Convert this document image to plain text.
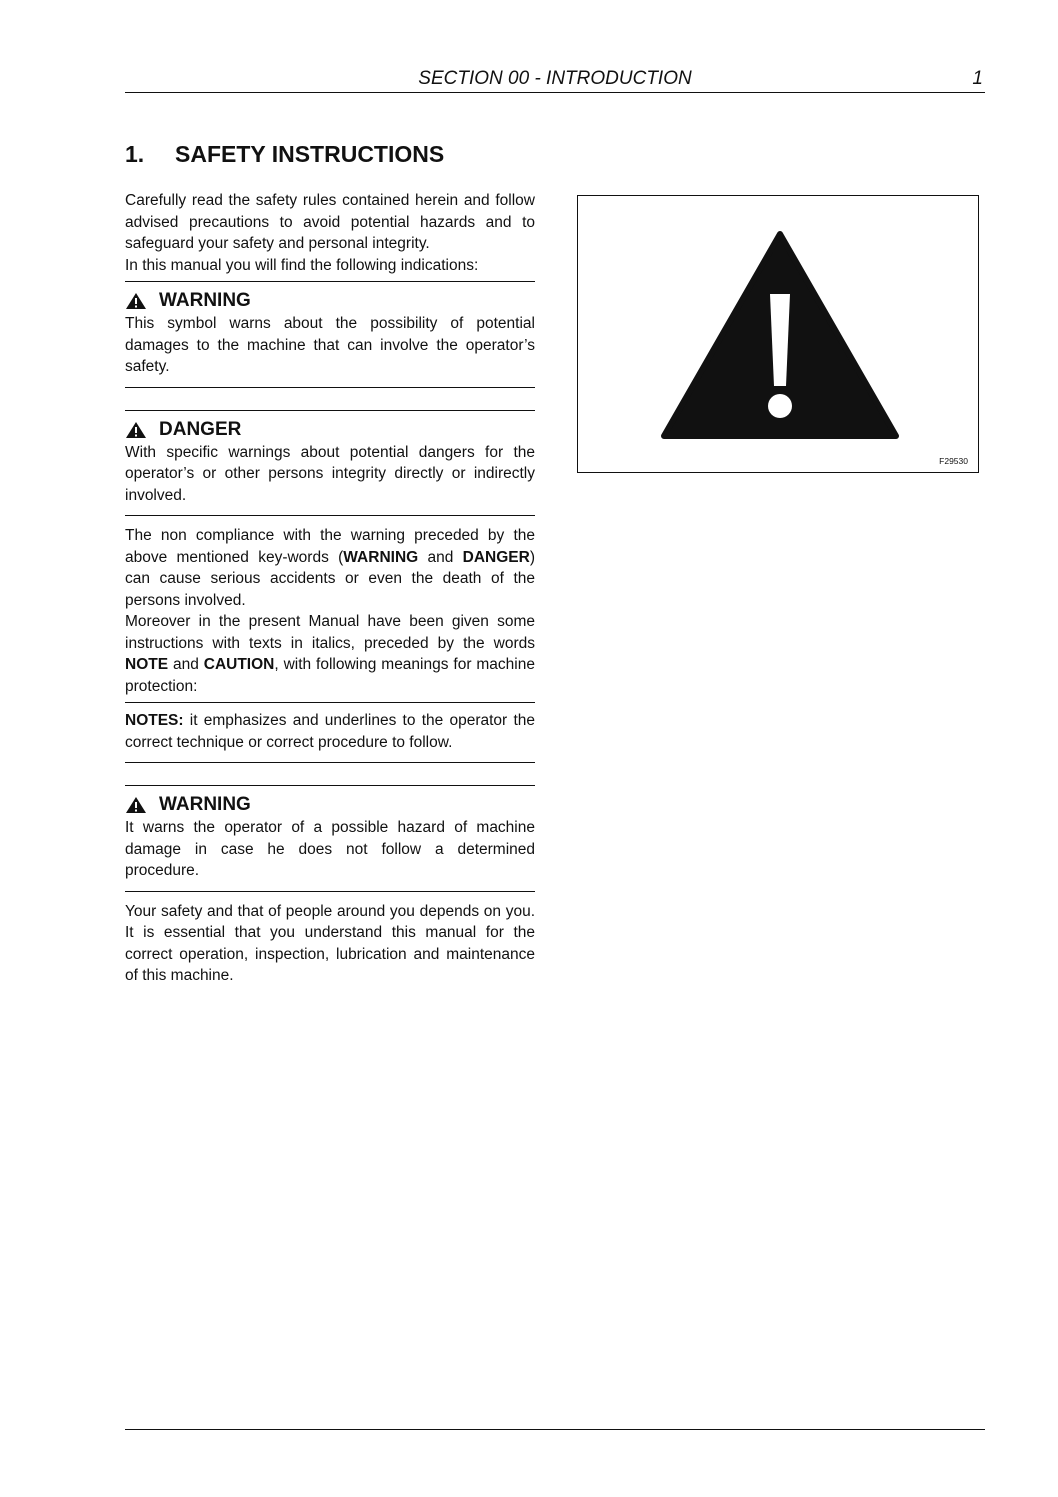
SECTION 00 - INTRODUCTION	1
1. SAFETY INSTRUCTIONS

Carefully read the safety rules contained herein and follow advised precautions to avoid potential hazards and to safeguard your safety and personal integrity.

In this manual you will find the following indications:

WARNING

This symbol warns about the possibility of potential damages to the machine that can involve the operator’s safety.

DANGER

With specific warnings about potential dangers for the operator’s or other persons integrity directly or indirectly involved.

The non compliance with the warning preceded by the above mentioned key-words (WARNING and DANGER) can cause serious accidents or even the death of the persons involved.

Moreover in the present Manual have been given some instructions with texts in italics, preceded by the words NOTE and CAUTION, with following meanings for machine protection:

NOTES: it emphasizes and underlines to the operator the correct technique or correct procedure to follow.

WARNING

It warns the operator of a possible hazard of machine damage in case he does not follow a determined procedure.

Your safety and that of people around you depends on you. It is essential that you understand this manual for the correct operation, inspection, lubrication and maintenance of this machine.

F29530
